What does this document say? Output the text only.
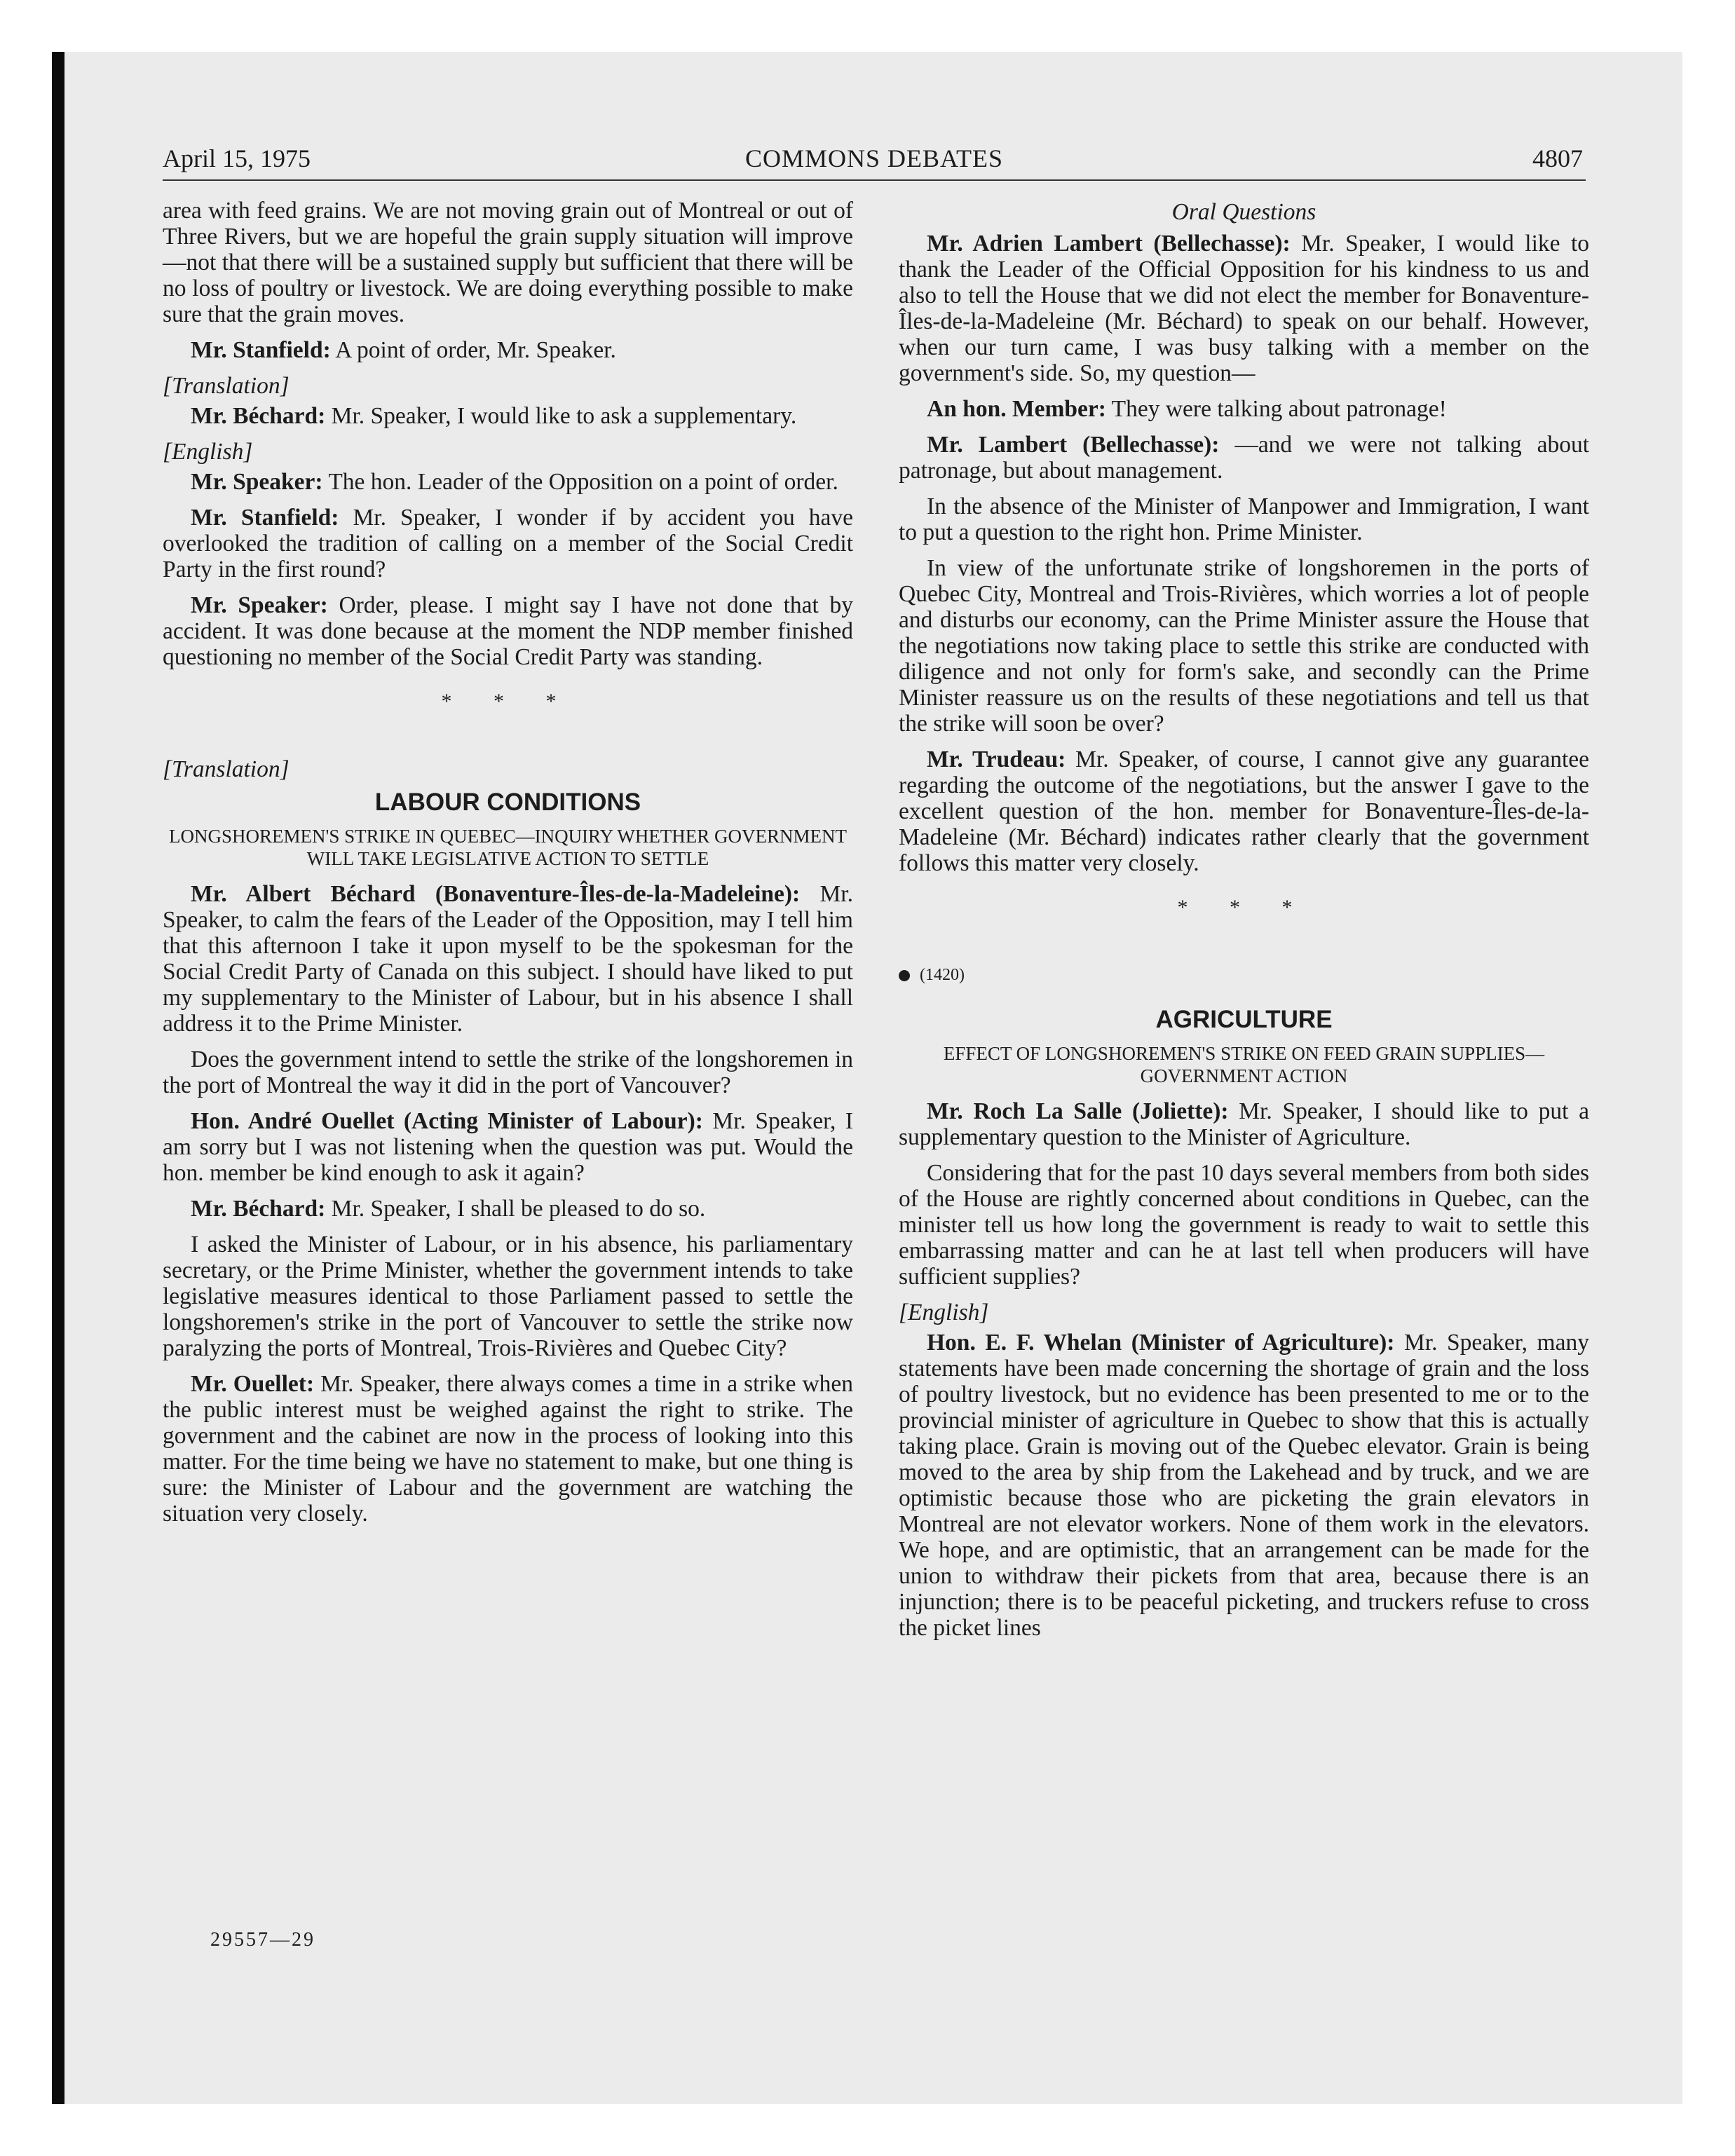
April 15, 1975	COMMONS DEBATES	4807

area with feed grains. We are not moving grain out of Montreal or out of Three Rivers, but we are hopeful the grain supply situation will improve—not that there will be a sustained supply but sufficient that there will be no loss of poultry or livestock. We are doing everything possible to make sure that the grain moves.

Mr. Stanfield: A point of order, Mr. Speaker.

[Translation]

Mr. Béchard: Mr. Speaker, I would like to ask a supplementary.

[English]

Mr. Speaker: The hon. Leader of the Opposition on a point of order.

Mr. Stanfield: Mr. Speaker, I wonder if by accident you have overlooked the tradition of calling on a member of the Social Credit Party in the first round?

Mr. Speaker: Order, please. I might say I have not done that by accident. It was done because at the moment the NDP member finished questioning no member of the Social Credit Party was standing.

* * *

[Translation]

LABOUR CONDITIONS
LONGSHOREMEN'S STRIKE IN QUEBEC—INQUIRY WHETHER GOVERNMENT WILL TAKE LEGISLATIVE ACTION TO SETTLE

Mr. Albert Béchard (Bonaventure-Îles-de-la-Madeleine): Mr. Speaker, to calm the fears of the Leader of the Opposition, may I tell him that this afternoon I take it upon myself to be the spokesman for the Social Credit Party of Canada on this subject. I should have liked to put my supplementary to the Minister of Labour, but in his absence I shall address it to the Prime Minister.

Does the government intend to settle the strike of the longshoremen in the port of Montreal the way it did in the port of Vancouver?

Hon. André Ouellet (Acting Minister of Labour): Mr. Speaker, I am sorry but I was not listening when the question was put. Would the hon. member be kind enough to ask it again?

Mr. Béchard: Mr. Speaker, I shall be pleased to do so.

I asked the Minister of Labour, or in his absence, his parliamentary secretary, or the Prime Minister, whether the government intends to take legislative measures identical to those Parliament passed to settle the longshoremen's strike in the port of Vancouver to settle the strike now paralyzing the ports of Montreal, Trois-Rivières and Quebec City?

Mr. Ouellet: Mr. Speaker, there always comes a time in a strike when the public interest must be weighed against the right to strike. The government and the cabinet are now in the process of looking into this matter. For the time being we have no statement to make, but one thing is sure: the Minister of Labour and the government are watching the situation very closely.

Oral Questions

Mr. Adrien Lambert (Bellechasse): Mr. Speaker, I would like to thank the Leader of the Official Opposition for his kindness to us and also to tell the House that we did not elect the member for Bonaventure-Îles-de-la-Madeleine (Mr. Béchard) to speak on our behalf. However, when our turn came, I was busy talking with a member on the government's side. So, my question—

An hon. Member: They were talking about patronage!

Mr. Lambert (Bellechasse): —and we were not talking about patronage, but about management.

In the absence of the Minister of Manpower and Immigration, I want to put a question to the right hon. Prime Minister.

In view of the unfortunate strike of longshoremen in the ports of Quebec City, Montreal and Trois-Rivières, which worries a lot of people and disturbs our economy, can the Prime Minister assure the House that the negotiations now taking place to settle this strike are conducted with diligence and not only for form's sake, and secondly can the Prime Minister reassure us on the results of these negotiations and tell us that the strike will soon be over?

Mr. Trudeau: Mr. Speaker, of course, I cannot give any guarantee regarding the outcome of the negotiations, but the answer I gave to the excellent question of the hon. member for Bonaventure-Îles-de-la-Madeleine (Mr. Béchard) indicates rather clearly that the government follows this matter very closely.

* * *
(1420)
AGRICULTURE
EFFECT OF LONGSHOREMEN'S STRIKE ON FEED GRAIN SUPPLIES—GOVERNMENT ACTION

Mr. Roch La Salle (Joliette): Mr. Speaker, I should like to put a supplementary question to the Minister of Agriculture.

Considering that for the past 10 days several members from both sides of the House are rightly concerned about conditions in Quebec, can the minister tell us how long the government is ready to wait to settle this embarrassing matter and can he at last tell when producers will have sufficient supplies?

[English]

Hon. E. F. Whelan (Minister of Agriculture): Mr. Speaker, many statements have been made concerning the shortage of grain and the loss of poultry livestock, but no evidence has been presented to me or to the provincial minister of agriculture in Quebec to show that this is actually taking place. Grain is moving out of the Quebec elevator. Grain is being moved to the area by ship from the Lakehead and by truck, and we are optimistic because those who are picketing the grain elevators in Montreal are not elevator workers. None of them work in the elevators. We hope, and are optimistic, that an arrangement can be made for the union to withdraw their pickets from that area, because there is an injunction; there is to be peaceful picketing, and truckers refuse to cross the picket lines

29557—29
